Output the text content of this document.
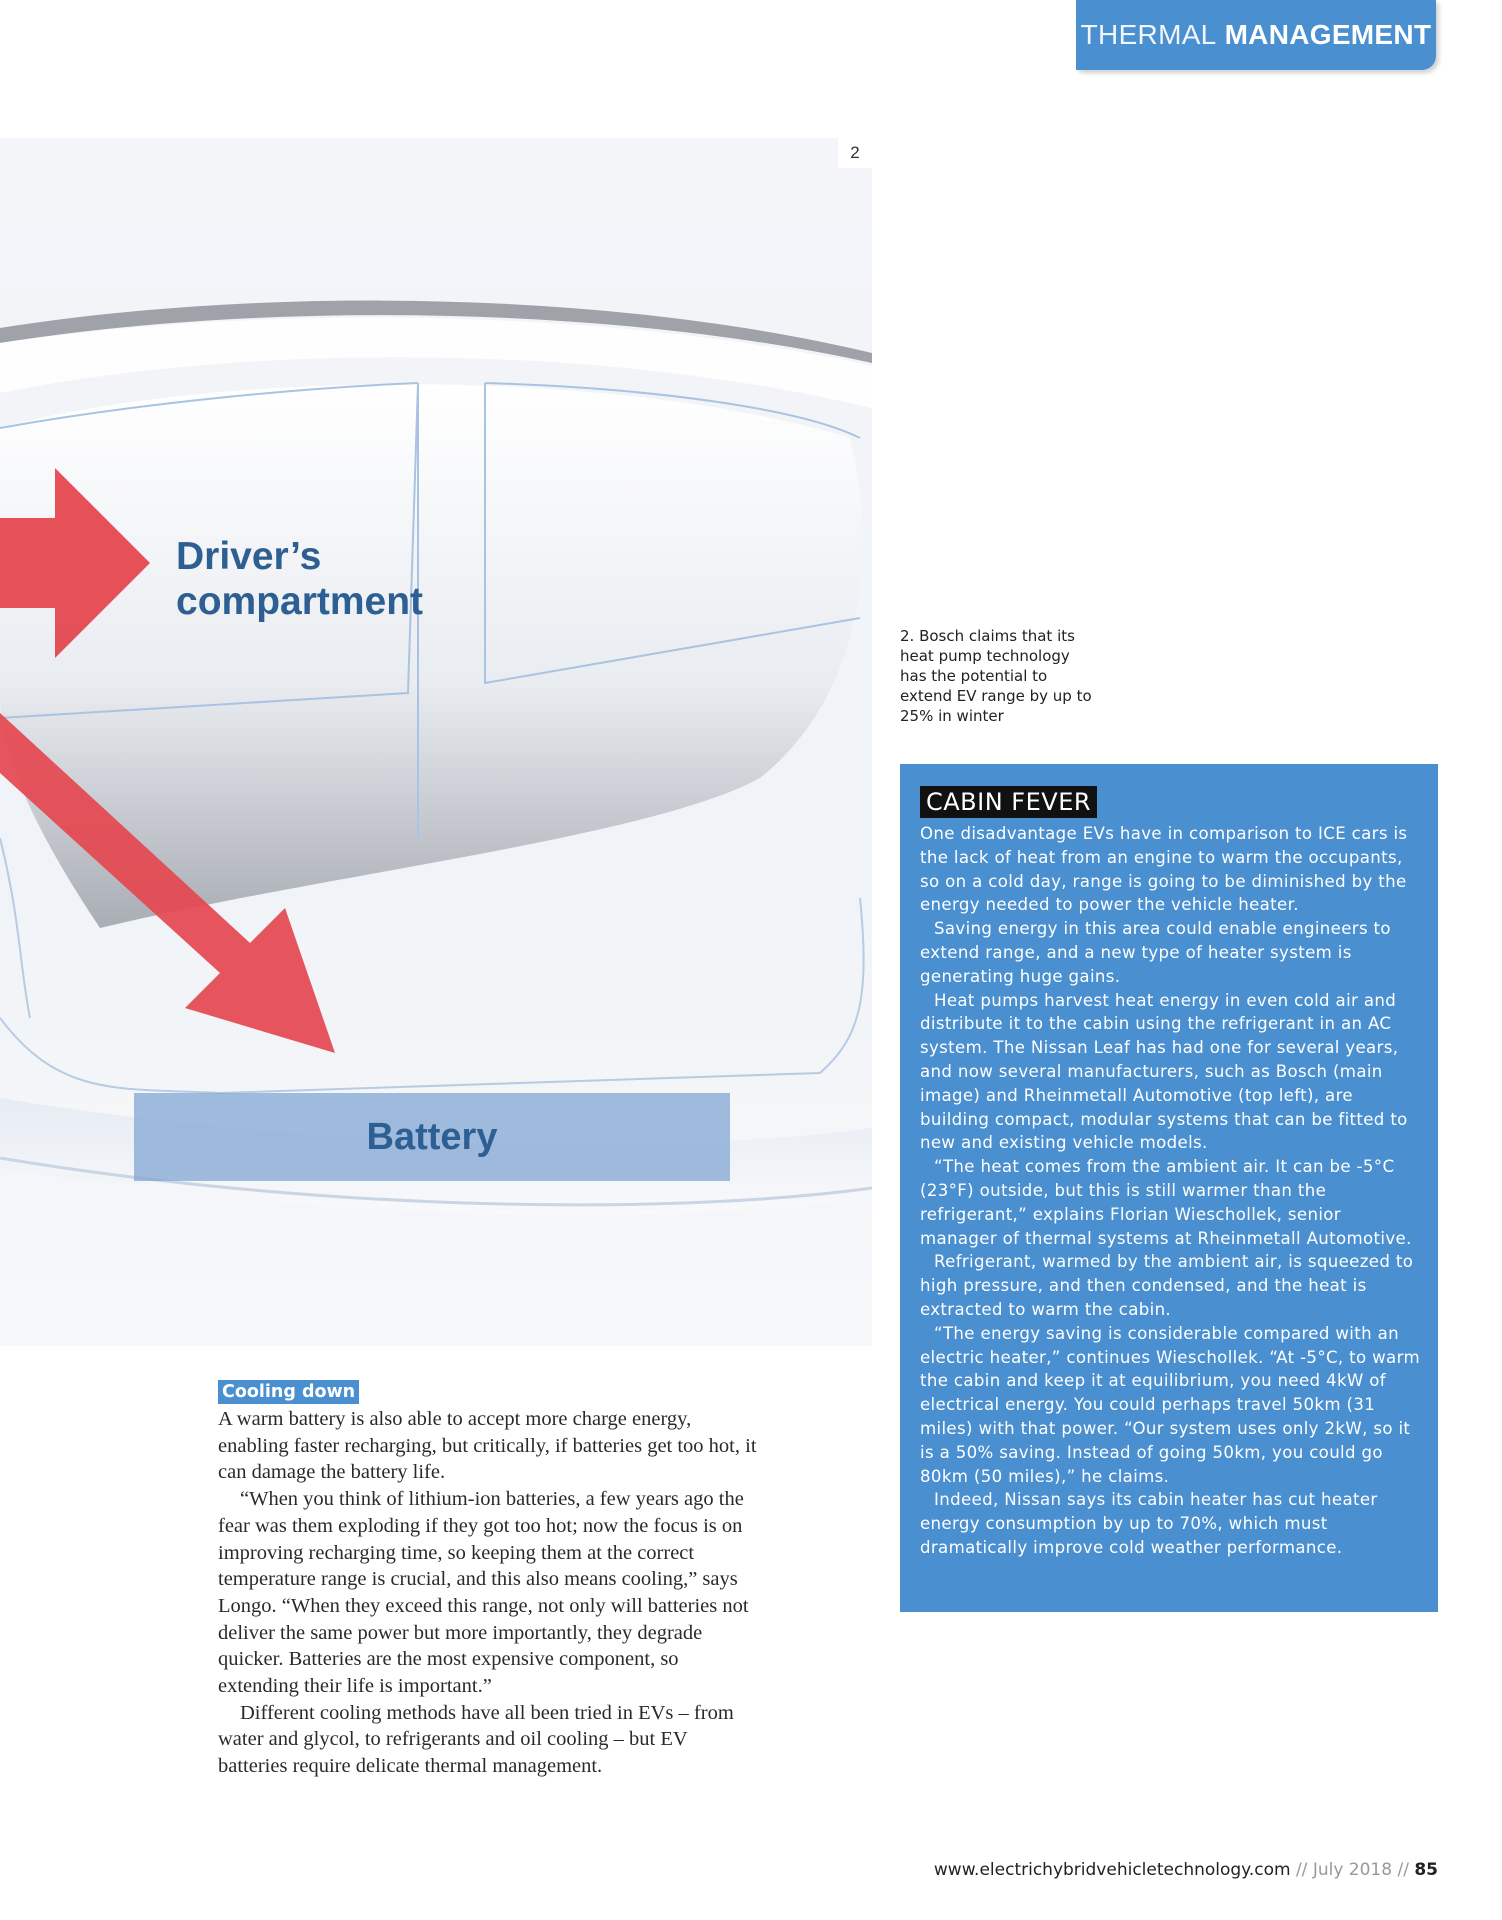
THERMAL MANAGEMENT
2
Driver’s
compartment
Battery
2. Bosch claims that its heat pump technology has the potential to extend EV range by up to 25% in winter
Cooling down

A warm battery is also able to accept more charge energy, enabling faster recharging, but critically, if batteries get too hot, it can damage the battery life.

“When you think of lithium-ion batteries, a few years ago the fear was them exploding if they got too hot; now the focus is on improving recharging time, so keeping them at the correct temperature range is crucial, and this also means cooling,” says Longo. “When they exceed this range, not only will batteries not deliver the same power but more importantly, they degrade quicker. Batteries are the most expensive component, so extending their life is important.”

Different cooling methods have all been tried in EVs – from water and glycol, to refrigerants and oil cooling – but EV batteries require delicate thermal management.

CABIN FEVER

One disadvantage EVs have in comparison to ICE cars is the lack of heat from an engine to warm the occupants, so on a cold day, range is going to be diminished by the energy needed to power the vehicle heater.

Saving energy in this area could enable engineers to extend range, and a new type of heater system is generating huge gains.

Heat pumps harvest heat energy in even cold air and distribute it to the cabin using the refrigerant in an AC system. The Nissan Leaf has had one for several years, and now several manufacturers, such as Bosch (main image) and Rheinmetall Automotive (top left), are building compact, modular systems that can be fitted to new and existing vehicle models.

“The heat comes from the ambient air. It can be -5°C (23°F) outside, but this is still warmer than the refrigerant,” explains Florian Wieschollek, senior manager of thermal systems at Rheinmetall Automotive.

Refrigerant, warmed by the ambient air, is squeezed to high pressure, and then condensed, and the heat is extracted to warm the cabin.

“The energy saving is considerable compared with an electric heater,” continues Wieschollek. “At -5°C, to warm the cabin and keep it at equilibrium, you need 4kW of electrical energy. You could perhaps travel 50km (31 miles) with that power. “Our system uses only 2kW, so it is a 50% saving. Instead of going 50km, you could go 80km (50 miles),” he claims.

Indeed, Nissan says its cabin heater has cut heater energy consumption by up to 70%, which must dramatically improve cold weather performance.

www.electrichybridvehicletechnology.com // July 2018 // 85
